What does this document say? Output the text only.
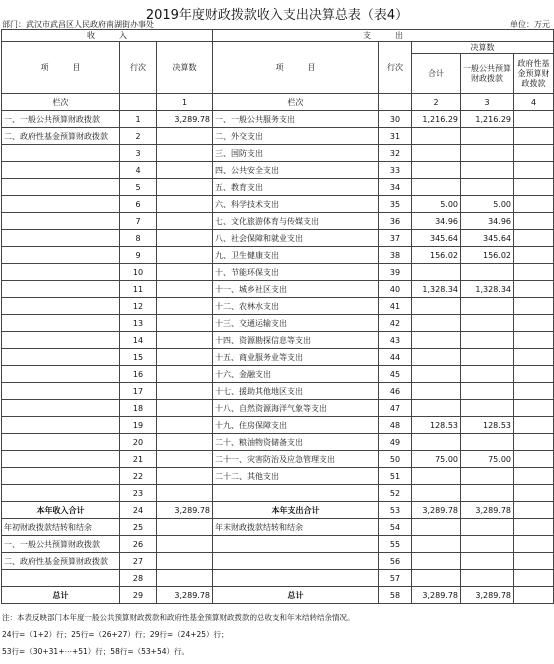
2019年度财政拨款收入支出决算总表（表4）
部门：武汉市武昌区人民政府南湖街办事处	单位：万元
收　　　入			支　　　出				
项　　　目	行次	决算数	项　　　目	行次	决算数		
					合计	一般公共预算财政拨款	政府性基金预算财政拨款
栏次		1	栏次		2	3	4
一、一般公共预算财政拨款	1	3,289.78	一、一般公共服务支出	30	1,216.29	1,216.29	
二、政府性基金预算财政拨款	2		二、外交支出	31			
	3		三、国防支出	32			
	4		四、公共安全支出	33			
	5		五、教育支出	34			
	6		六、科学技术支出	35	5.00	5.00	
	7		七、文化旅游体育与传媒支出	36	34.96	34.96	
	8		八、社会保障和就业支出	37	345.64	345.64	
	9		九、卫生健康支出	38	156.02	156.02	
	10		十、节能环保支出	39			
	11		十一、城乡社区支出	40	1,328.34	1,328.34	
	12		十二、农林水支出	41			
	13		十三、交通运输支出	42			
	14		十四、资源勘探信息等支出	43			
	15		十五、商业服务业等支出	44			
	16		十六、金融支出	45			
	17		十七、援助其他地区支出	46			
	18		十八、自然资源海洋气象等支出	47			
	19		十九、住房保障支出	48	128.53	128.53	
	20		二十、粮油物资储备支出	49			
	21		二十一、灾害防治及应急管理支出	50	75.00	75.00	
	22		二十二、其他支出	51			
	23			52			
本年收入合计	24	3,289.78	本年支出合计	53	3,289.78	3,289.78	
年初财政拨款结转和结余	25		年末财政拨款结转和结余	54			
一、一般公共预算财政拨款	26			55			
二、政府性基金预算财政拨款	27			56			
	28			57			
总计	29	3,289.78	总计	58	3,289.78	3,289.78	
注：本表反映部门本年度一般公共预算财政拨款和政府性基金预算财政拨款的总收支和年末结转结余情况。
24行=（1+2）行；25行=（26+27）行；29行=（24+25）行；
53行=（30+31+⋯+51）行；58行=（53+54）行。
